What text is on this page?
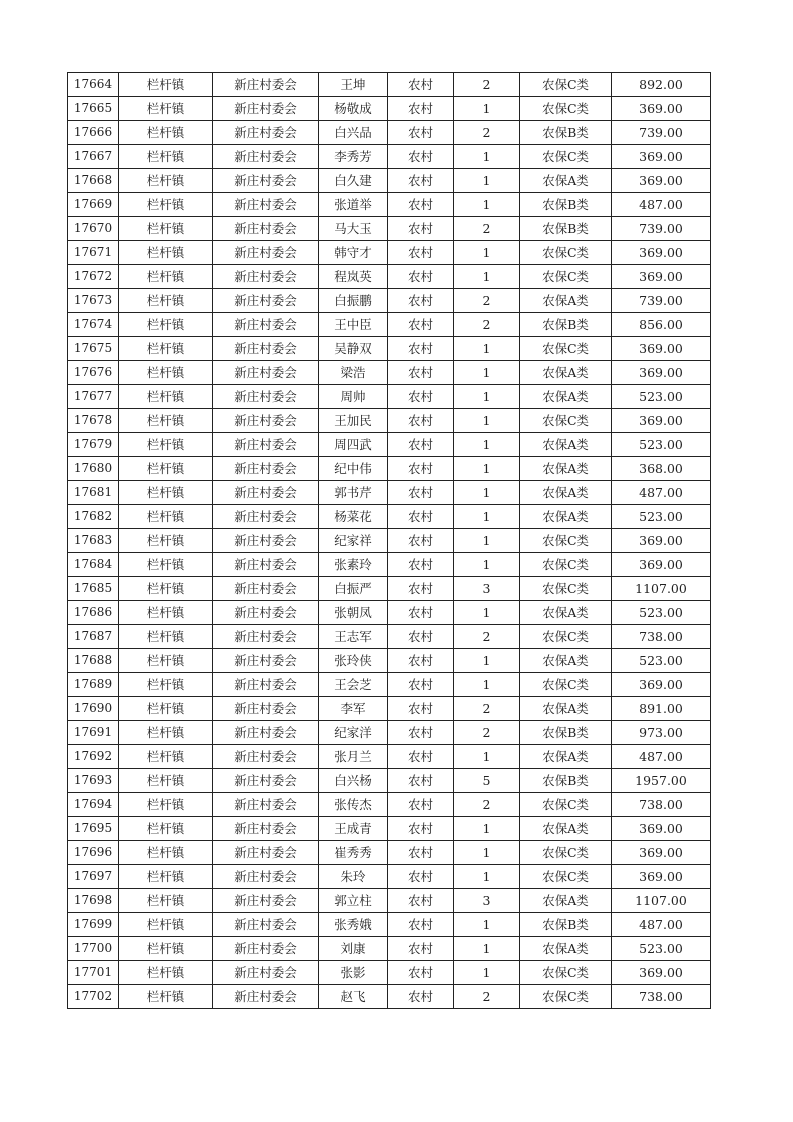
17664	栏杆镇	新庄村委会	王坤	农村	2	农保C类	892.00
17665	栏杆镇	新庄村委会	杨敬成	农村	1	农保C类	369.00
17666	栏杆镇	新庄村委会	白兴品	农村	2	农保B类	739.00
17667	栏杆镇	新庄村委会	李秀芳	农村	1	农保C类	369.00
17668	栏杆镇	新庄村委会	白久建	农村	1	农保A类	369.00
17669	栏杆镇	新庄村委会	张道举	农村	1	农保B类	487.00
17670	栏杆镇	新庄村委会	马大玉	农村	2	农保B类	739.00
17671	栏杆镇	新庄村委会	韩守才	农村	1	农保C类	369.00
17672	栏杆镇	新庄村委会	程岚英	农村	1	农保C类	369.00
17673	栏杆镇	新庄村委会	白振鹏	农村	2	农保A类	739.00
17674	栏杆镇	新庄村委会	王中臣	农村	2	农保B类	856.00
17675	栏杆镇	新庄村委会	吴静双	农村	1	农保C类	369.00
17676	栏杆镇	新庄村委会	梁浩	农村	1	农保A类	369.00
17677	栏杆镇	新庄村委会	周帅	农村	1	农保A类	523.00
17678	栏杆镇	新庄村委会	王加民	农村	1	农保C类	369.00
17679	栏杆镇	新庄村委会	周四武	农村	1	农保A类	523.00
17680	栏杆镇	新庄村委会	纪中伟	农村	1	农保A类	368.00
17681	栏杆镇	新庄村委会	郭书芹	农村	1	农保A类	487.00
17682	栏杆镇	新庄村委会	杨菜花	农村	1	农保A类	523.00
17683	栏杆镇	新庄村委会	纪家祥	农村	1	农保C类	369.00
17684	栏杆镇	新庄村委会	张素玲	农村	1	农保C类	369.00
17685	栏杆镇	新庄村委会	白振严	农村	3	农保C类	1107.00
17686	栏杆镇	新庄村委会	张朝凤	农村	1	农保A类	523.00
17687	栏杆镇	新庄村委会	王志军	农村	2	农保C类	738.00
17688	栏杆镇	新庄村委会	张玲侠	农村	1	农保A类	523.00
17689	栏杆镇	新庄村委会	王会芝	农村	1	农保C类	369.00
17690	栏杆镇	新庄村委会	李军	农村	2	农保A类	891.00
17691	栏杆镇	新庄村委会	纪家洋	农村	2	农保B类	973.00
17692	栏杆镇	新庄村委会	张月兰	农村	1	农保A类	487.00
17693	栏杆镇	新庄村委会	白兴杨	农村	5	农保B类	1957.00
17694	栏杆镇	新庄村委会	张传杰	农村	2	农保C类	738.00
17695	栏杆镇	新庄村委会	王成青	农村	1	农保A类	369.00
17696	栏杆镇	新庄村委会	崔秀秀	农村	1	农保C类	369.00
17697	栏杆镇	新庄村委会	朱玲	农村	1	农保C类	369.00
17698	栏杆镇	新庄村委会	郭立柱	农村	3	农保A类	1107.00
17699	栏杆镇	新庄村委会	张秀娥	农村	1	农保B类	487.00
17700	栏杆镇	新庄村委会	刘康	农村	1	农保A类	523.00
17701	栏杆镇	新庄村委会	张影	农村	1	农保C类	369.00
17702	栏杆镇	新庄村委会	赵飞	农村	2	农保C类	738.00
